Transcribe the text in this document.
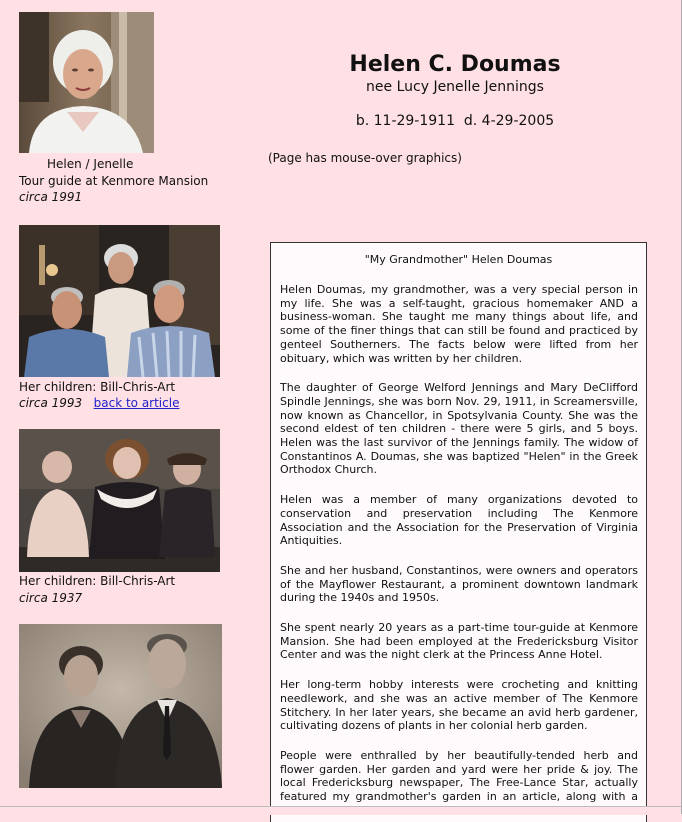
Helen / Jenelle
Tour guide at Kenmore Mansion
circa 1991
Her children: Bill-Chris-Art
circa 1993 back to article
Her children: Bill-Chris-Art
circa 1937
Helen C. Doumas
nee Lucy Jenelle Jennings
b. 11-29-1911  d. 4-29-2005
(Page has mouse-over graphics)
"My Grandmother" Helen Doumas

Helen Doumas, my grandmother, was a very special person in my life. She was a self-taught, gracious homemaker AND a business-woman. She taught me many things about life, and some of the finer things that can still be found and practiced by genteel Southerners. The facts below were lifted from her obituary, which was written by her children.

The daughter of George Welford Jennings and Mary DeClifford Spindle Jennings, she was born Nov. 29, 1911, in Screamersville, now known as Chancellor, in Spotsylvania County. She was the second eldest of ten children - there were 5 girls, and 5 boys. Helen was the last survivor of the Jennings family. The widow of Constantinos A. Doumas, she was baptized "Helen" in the Greek Orthodox Church.

Helen was a member of many organizations devoted to conservation and preservation including The Kenmore Association and the Association for the Preservation of Virginia Antiquities.

She and her husband, Constantinos, were owners and operators of the Mayflower Restaurant, a prominent downtown landmark during the 1940s and 1950s.

She spent nearly 20 years as a part-time tour-guide at Kenmore Mansion. She had been employed at the Fredericksburg Visitor Center and was the night clerk at the Princess Anne Hotel.

Her long-term hobby interests were crocheting and knitting needlework, and she was an active member of The Kenmore Stitchery. In her later years, she became an avid herb gardener, cultivating dozens of plants in her colonial herb garden.

People were enthralled by her beautifully-tended herb and flower garden. Her garden and yard were her pride & joy. The local Fredericksburg newspaper, The Free-Lance Star, actually featured my grandmother's garden in an article, along with a
